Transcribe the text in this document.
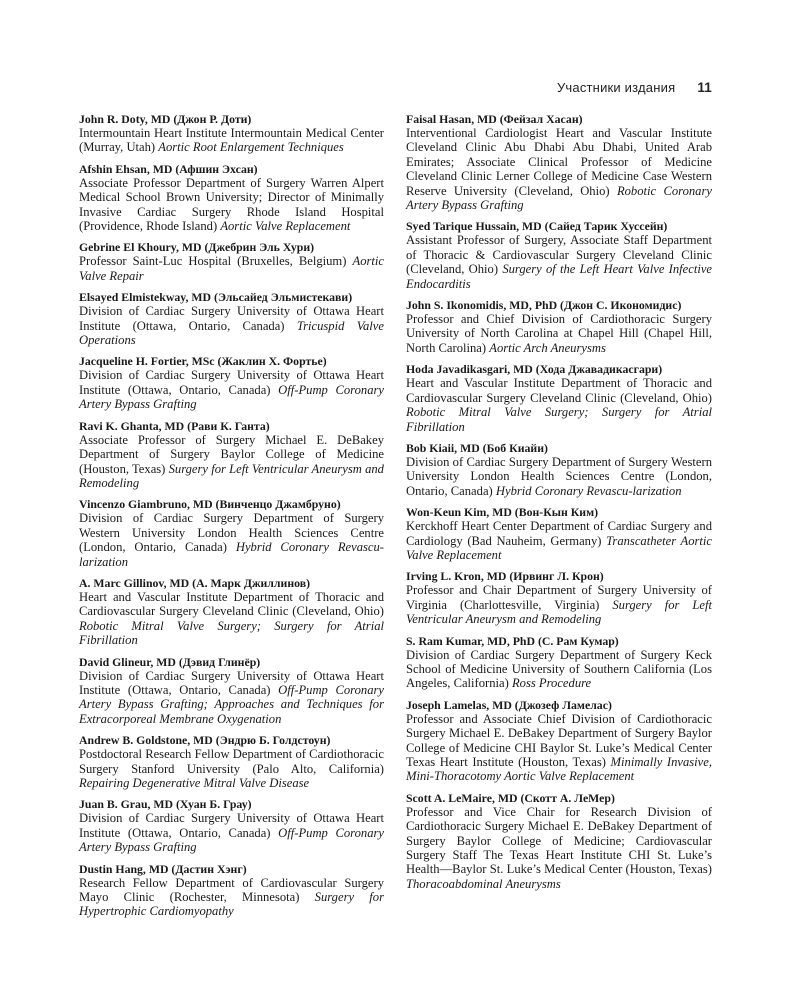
Участники издания 11
John R. Doty, MD (Джон Р. Доти)
Intermountain Heart Institute Intermountain Medical Center (Murray, Utah) Aortic Root Enlargement Techniques
Afshin Ehsan, MD (Афшин Эхсан)
Associate Professor Department of Surgery Warren Alpert Medical School Brown University; Director of Minimally Invasive Cardiac Surgery Rhode Island Hospital (Providence, Rhode Island) Aortic Valve Replacement
Gebrine El Khoury, MD (Джебрин Эль Хури)
Professor Saint-Luc Hospital (Bruxelles, Belgium) Aortic Valve Repair
Elsayed Elmistekway, MD (Эльсайед Эльмистекави)
Division of Cardiac Surgery University of Ottawa Heart Institute (Ottawa, Ontario, Canada) Tricuspid Valve Operations
Jacqueline H. Fortier, MSc (Жаклин Х. Фортье)
Division of Cardiac Surgery University of Ottawa Heart Institute (Ottawa, Ontario, Canada) Off-Pump Coronary Artery Bypass Grafting
Ravi K. Ghanta, MD (Рави К. Ганта)
Associate Professor of Surgery Michael E. DeBakey Department of Surgery Baylor College of Medicine (Houston, Texas) Surgery for Left Ventricular Aneurysm and Remodeling
Vincenzo Giambruno, MD (Винченцо Джамбруно)
Division of Cardiac Surgery Department of Surgery Western University London Health Sciences Centre (London, Ontario, Canada) Hybrid Coronary Revascu-larization
A. Marc Gillinov, MD (А. Марк Джиллинов)
Heart and Vascular Institute Department of Thoracic and Cardiovascular Surgery Cleveland Clinic (Cleveland, Ohio) Robotic Mitral Valve Surgery; Surgery for Atrial Fibrillation
David Glineur, MD (Дэвид Глинёр)
Division of Cardiac Surgery University of Ottawa Heart Institute (Ottawa, Ontario, Canada) Off-Pump Coronary Artery Bypass Grafting; Approaches and Techniques for Extracorporeal Membrane Oxygenation
Andrew B. Goldstone, MD (Эндрю Б. Голдстоун)
Postdoctoral Research Fellow Department of Cardiothoracic Surgery Stanford University (Palo Alto, California) Repairing Degenerative Mitral Valve Disease
Juan B. Grau, MD (Хуан Б. Грау)
Division of Cardiac Surgery University of Ottawa Heart Institute (Ottawa, Ontario, Canada) Off-Pump Coronary Artery Bypass Grafting
Dustin Hang, MD (Дастин Хэнг)
Research Fellow Department of Cardiovascular Surgery Mayo Clinic (Rochester, Minnesota) Surgery for Hypertrophic Cardiomyopathy
Faisal Hasan, MD (Фейзал Хасан)
Interventional Cardiologist Heart and Vascular Institute Cleveland Clinic Abu Dhabi Abu Dhabi, United Arab Emirates; Associate Clinical Professor of Medicine Cleveland Clinic Lerner College of Medicine Case Western Reserve University (Cleveland, Ohio) Robotic Coronary Artery Bypass Grafting
Syed Tarique Hussain, MD (Сайед Тарик Хуссейн)
Assistant Professor of Surgery, Associate Staff Department of Thoracic & Cardiovascular Surgery Cleveland Clinic (Cleveland, Ohio) Surgery of the Left Heart Valve Infective Endocarditis
John S. Ikonomidis, MD, PhD (Джон С. Икономидис)
Professor and Chief Division of Cardiothoracic Surgery University of North Carolina at Chapel Hill (Chapel Hill, North Carolina) Aortic Arch Aneurysms
Hoda Javadikasgari, MD (Ходa Джавадикасгари)
Heart and Vascular Institute Department of Thoracic and Cardiovascular Surgery Cleveland Clinic (Cleveland, Ohio) Robotic Mitral Valve Surgery; Surgery for Atrial Fibrillation
Bob Kiaii, MD (Боб Киайи)
Division of Cardiac Surgery Department of Surgery Western University London Health Sciences Centre (London, Ontario, Canada) Hybrid Coronary Revascu-larization
Won-Keun Kim, MD (Вон-Кын Ким)
Kerckhoff Heart Center Department of Cardiac Surgery and Cardiology (Bad Nauheim, Germany) Transcatheter Aortic Valve Replacement
Irving L. Kron, MD (Ирвинг Л. Крон)
Professor and Chair Department of Surgery University of Virginia (Charlottesville, Virginia) Surgery for Left Ventricular Aneurysm and Remodeling
S. Ram Kumar, MD, PhD (С. Рам Кумар)
Division of Cardiac Surgery Department of Surgery Keck School of Medicine University of Southern California (Los Angeles, California) Ross Procedure
Joseph Lamelas, MD (Джозеф Ламелас)
Professor and Associate Chief Division of Cardiothoracic Surgery Michael E. DeBakey Department of Surgery Baylor College of Medicine CHI Baylor St. Luke’s Medical Center Texas Heart Institute (Houston, Texas) Minimally Invasive, Mini-Thoracotomy Aortic Valve Replacement
Scott A. LeMaire, MD (Скотт А. ЛеМер)
Professor and Vice Chair for Research Division of Cardiothoracic Surgery Michael E. DeBakey Department of Surgery Baylor College of Medicine; Cardiovascular Surgery Staff The Texas Heart Institute CHI St. Luke’s Health—Baylor St. Luke’s Medical Center (Houston, Texas) Thoracoabdominal Aneurysms
